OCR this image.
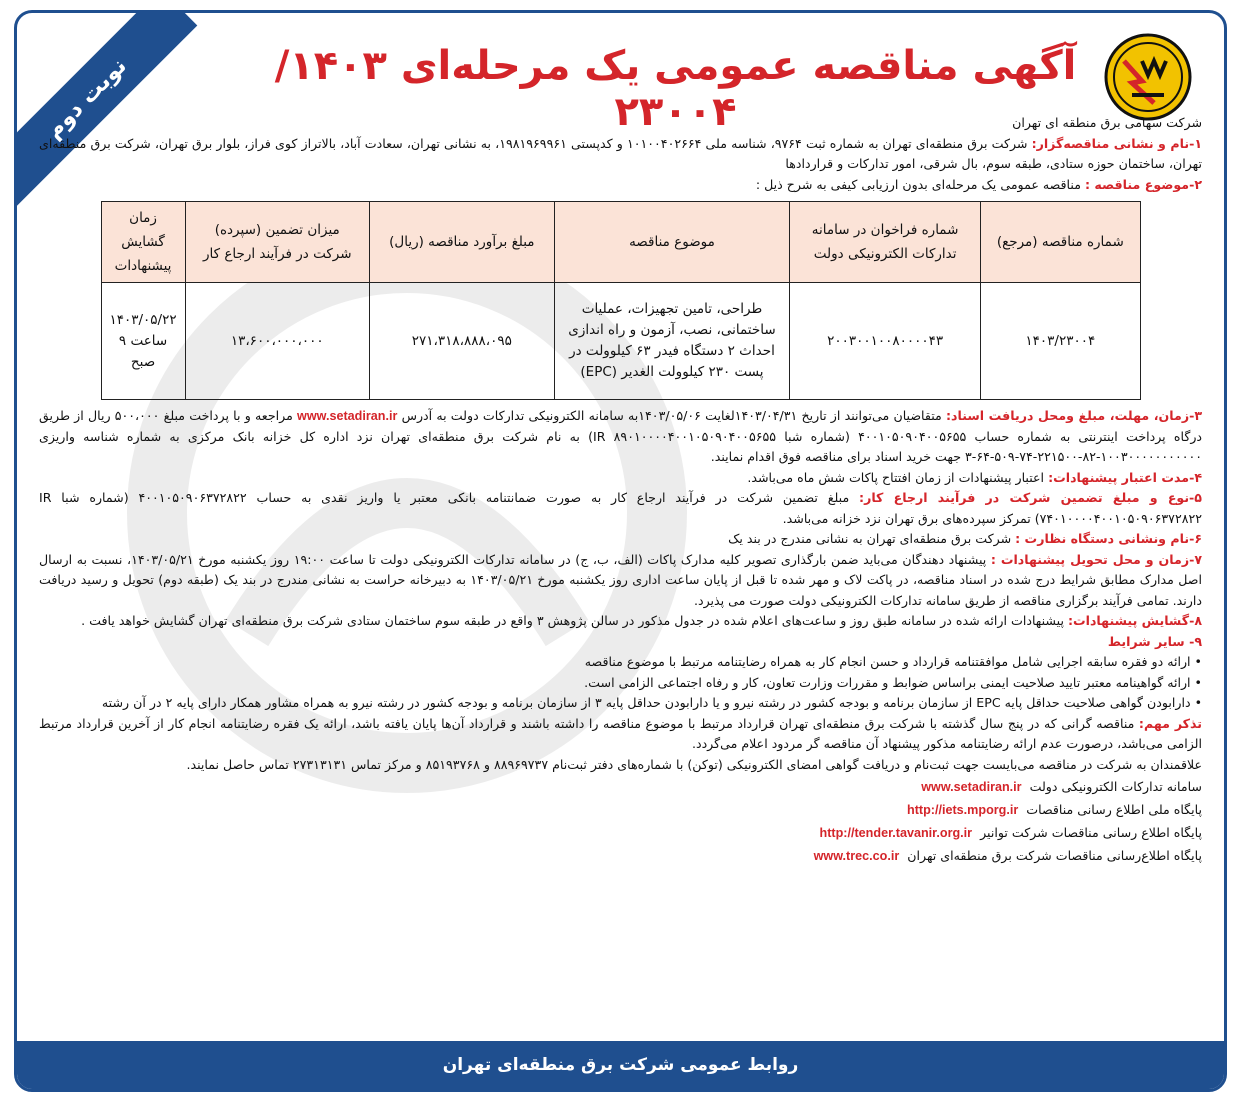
نوبت دوم	آگهی مناقصه عمومی یک مرحله‌ای ۱۴۰۳/ ۲۳۰۰۴	شرکت سهامی برق منطقه ای تهران

۱-نام و نشانی مناقصه‌گزار: شرکت برق منطقه‌ای تهران به شماره ثبت ۹۷۶۴، شناسه ملی ۱۰۱۰۰۴۰۲۶۶۴ و کدپستی ۱۹۸۱۹۶۹۹۶۱، به نشانی تهران، سعادت آباد، بالاتراز کوی فراز، بلوار برق تهران، شرکت برق منطقه‌ای تهران، ساختمان حوزه ستادی، طبقه سوم، بال شرقی، امور تدارکات و قراردادها

۲-موضوع مناقصه : مناقصه عمومی یک مرحله‌ای بدون ارزیابی کیفی به شرح ذیل :

شماره مناقصه (مرجع)	شماره فراخوان در سامانه تدارکات الکترونیکی دولت	موضوع مناقصه	مبلغ برآورد مناقصه (ریال)	میزان تضمین (سپرده) شرکت در فرآیند ارجاع کار	زمان گشایش پیشنهادات
۱۴۰۳/۲۳۰۰۴	۲۰۰۳۰۰۱۰۰۸۰۰۰۰۴۳	طراحی، تامین تجهیزات، عملیات ساختمانی، نصب، آزمون و راه اندازی احداث ۲ دستگاه فیدر ۶۳ کیلوولت در پست ۲۳۰ کیلوولت الغدیر (EPC)	۲۷۱،۳۱۸،۸۸۸،۰۹۵	۱۳،۶۰۰،۰۰۰،۰۰۰	۱۴۰۳/۰۵/۲۲
ساعت ۹ صبح

۳-زمان، مهلت، مبلغ ومحل دریافت اسناد: متقاضیان می‌توانند از تاریخ ۱۴۰۳/۰۴/۳۱لغایت ۱۴۰۳/۰۵/۰۶به سامانه الکترونیکی تدارکات دولت به آدرس www.setadiran.ir مراجعه و با پرداخت مبلغ ۵۰۰،۰۰۰ ریال از طریق درگاه پرداخت اینترنتی به شماره حساب ۴۰۰۱۰۵۰۹۰۴۰۰۵۶۵۵ (شماره شبا IR ۸۹۰۱۰۰۰۰۴۰۰۱۰۵۰۹۰۴۰۰۵۶۵۵) به نام شرکت برق منطقه‌ای تهران نزد اداره کل خزانه بانک مرکزی به شماره شناسه واریزی ۱۰۰۳۰۰۰۰۰۰۰۰۰۰۰-۸۲-۲۲۱۵۰۰-۷۴-۵۰۹-۶۴-۳ جهت خرید اسناد برای مناقصه فوق اقدام نمایند.

۴-مدت اعتبار پیشنهادات: اعتبار پیشنهادات از زمان افتتاح پاکات شش ماه می‌باشد.

۵-نوع و مبلغ تضمین شرکت در فرآیند ارجاع کار: مبلغ تضمین شرکت در فرآیند ارجاع کار به صورت ضمانتنامه بانکی معتبر یا واریز نقدی به حساب ۴۰۰۱۰۵۰۹۰۶۳۷۲۸۲۲ (شماره شبا IR ۷۴۰۱۰۰۰۰۴۰۰۱۰۵۰۹۰۶۳۷۲۸۲۲) تمرکز سپرده‌های برق تهران نزد خزانه می‌باشد.

۶-نام ونشانی دستگاه نظارت : شرکت برق منطقه‌ای تهران به نشانی مندرج در بند یک

۷-زمان و محل تحویل پیشنهادات : پیشنهاد دهندگان می‌باید ضمن بارگذاری تصویر کلیه مدارک پاکات (الف، ب، ج) در سامانه تدارکات الکترونیکی دولت تا ساعت ۱۹:۰۰ روز یکشنبه مورخ ۱۴۰۳/۰۵/۲۱، نسبت به ارسال اصل مدارک مطابق شرایط درج شده در اسناد مناقصه، در پاکت لاک و مهر شده تا قبل از پایان ساعت اداری روز یکشنبه مورخ ۱۴۰۳/۰۵/۲۱ به دبیرخانه حراست به نشانی مندرج در بند یک (طبقه دوم) تحویل و رسید دریافت دارند. تمامی فرآیند برگزاری مناقصه از طریق سامانه تدارکات الکترونیکی دولت صورت می پذیرد.

۸-گشایش پیشنهادات: پیشنهادات ارائه شده در سامانه طبق روز و ساعت‌های اعلام شده در جدول مذکور در سالن پژوهش ۳ واقع در طبقه سوم ساختمان ستادی شرکت برق منطقه‌ای تهران گشایش خواهد یافت .

۹- سایر شرایط

• ارائه دو فقره سابقه اجرایی شامل موافقتنامه قرارداد و حسن انجام کار به همراه رضایتنامه مرتبط با موضوع مناقصه

• ارائه گواهینامه معتبر تایید صلاحیت ایمنی براساس ضوابط و مقررات وزارت تعاون، کار و رفاه اجتماعی الزامی است.

• دارابودن گواهی صلاحیت حداقل پایه EPC از سازمان برنامه و بودجه کشور در رشته نیرو و یا دارابودن حداقل پایه ۳ از سازمان برنامه و بودجه کشور در رشته نیرو به همراه مشاور همکار دارای پایه ۲ در آن رشته

تذکر مهم: مناقصه گرانی که در پنج سال گذشته با شرکت برق منطقه‌ای تهران قرارداد مرتبط با موضوع مناقصه را داشته باشند و قرارداد آن‌ها پایان یافته باشد، ارائه یک فقره رضایتنامه انجام کار از آخرین قرارداد مرتبط الزامی می‌باشد، درصورت عدم ارائه رضایتنامه مذکور پیشنهاد آن مناقصه گر مردود اعلام می‌گردد.

علاقمندان به شرکت در مناقصه می‌بایست جهت ثبت‌نام و دریافت گواهی امضای الکترونیکی (توکن) با شماره‌های دفتر ثبت‌نام ۸۸۹۶۹۷۳۷ و ۸۵۱۹۳۷۶۸ و مرکز تماس ۲۷۳۱۳۱۳۱ تماس حاصل نمایند.

سامانه تدارکات الکترونیکی دولت  www.setadiran.ir
پایگاه ملی اطلاع رسانی مناقصات  http://iets.mporg.ir
پایگاه اطلاع رسانی مناقصات شرکت توانیر  http://tender.tavanir.org.ir
پایگاه اطلاع‌رسانی مناقصات شرکت برق منطقه‌ای تهران  www.trec.co.ir
روابط عمومی شرکت برق منطقه‌ای تهران
